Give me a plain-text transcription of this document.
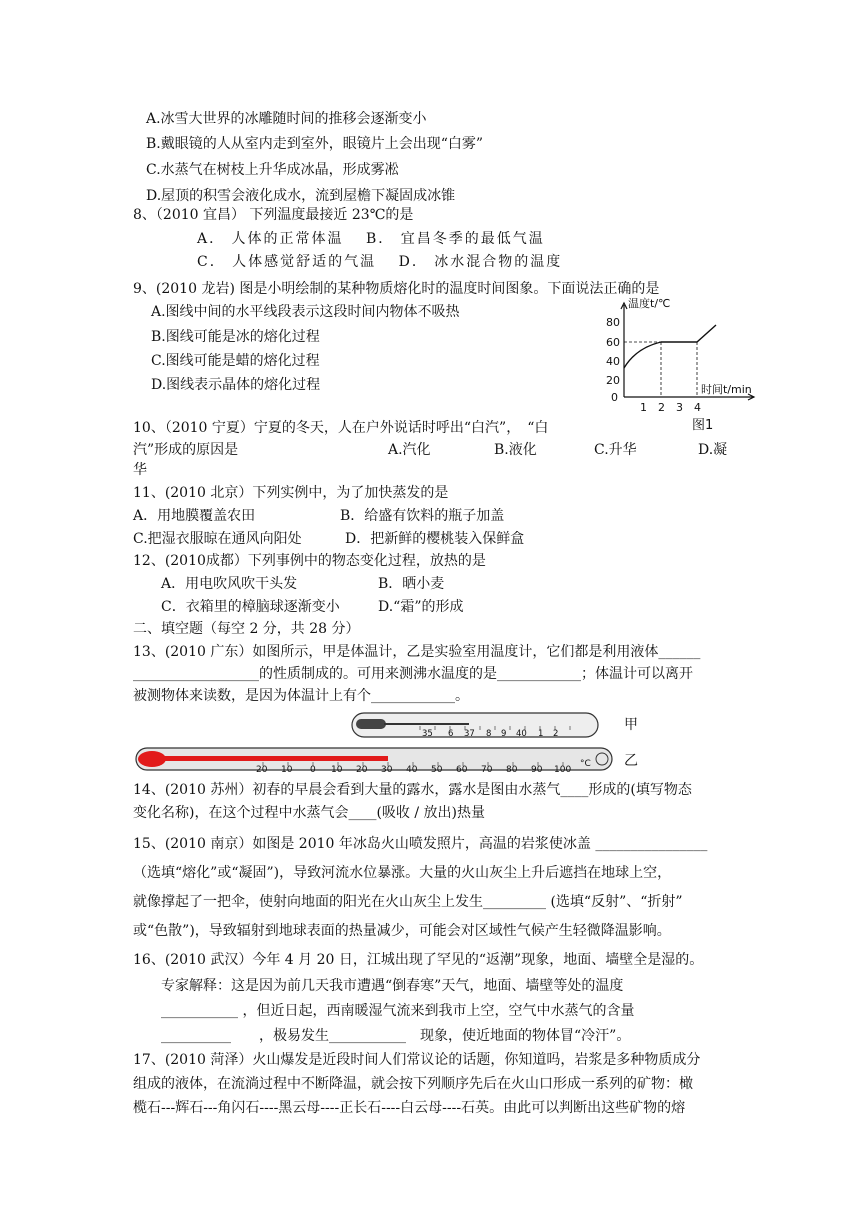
A.冰雪大世界的冰雕随时间的推移会逐渐变小
B.戴眼镜的人从室内走到室外，眼镜片上会出现“白雾”
C.水蒸气在树枝上升华成冰晶，形成雾凇
D.屋顶的积雪会液化成水，流到屋檐下凝固成冰锥
8、（2010 宜昌） 下列温度最接近 23℃的是
A． 人体的正常体温　 B． 宜昌冬季的最低气温
C． 人体感觉舒适的气温　 D． 冰水混合物的温度
9、(2010 龙岩) 图是小明绘制的某种物质熔化时的温度时间图象。下面说法正确的是
A.图线中间的水平线段表示这段时间内物体不吸热
B.图线可能是冰的熔化过程
C.图线可能是蜡的熔化过程
D.图线表示晶体的熔化过程
温度t/℃
80
60
40
20
0
时间t/min
1 2 3 4
图1
10、（2010 宁夏）宁夏的冬天，人在户外说话时呼出“白汽”，　“白
汽”形成的原因是	A.汽化	B.液化	C.升华	D.凝
华
11、(2010 北京）下列实例中，为了加快蒸发的是
A．用地膜覆盖农田	B．给盛有饮料的瓶子加盖
C.把湿衣服晾在通风向阳处	D．把新鲜的樱桃装入保鲜盒
12、(2010成都）下列事例中的物态变化过程，放热的是
A．用电吹风吹干头发	B．晒小麦
C．衣箱里的樟脑球逐渐变小	D.“霜”的形成
二、填空题（每空 2 分，共 28 分）
13、(2010 广东）如图所示，甲是体温计，乙是实验室用温度计，它们都是利用液体______
__________________的性质制成的。可用来测沸水温度的是____________；体温计可以离开
被测物体来读数，是因为体温计上有个____________。
35 6 37 8 9 40 1 2
甲
20 10 0 10 20 30 40 50 60 70 80 90 100
°C 乙
14、(2010 苏州）初春的早晨会看到大量的露水，露水是图由水蒸气____形成的(填写物态
变化名称)，在这个过程中水蒸气会____(吸收 / 放出)热量
15、(2010 南京）如图是 2010 年冰岛火山喷发照片，高温的岩浆使冰盖 ________________
（选填“熔化”或“凝固”)，导致河流水位暴涨。大量的火山灰尘上升后遮挡在地球上空，
就像撑起了一把伞，使射向地面的阳光在火山灰尘上发生_________ (选填“反射”、“折射”
或“色散”)，导致辐射到地球表面的热量减少，可能会对区域性气候产生轻微降温影响。
16、(2010 武汉）今年 4 月 20 日，江城出现了罕见的“返潮”现象，地面、墙壁全是湿的。
专家解释：这是因为前几天我市遭遇“倒春寒”天气，地面、墙壁等处的温度
___________ ，但近日起，西南暖湿气流来到我市上空，空气中水蒸气的含量
__________　　，极易发生___________　现象，使近地面的物体冒“冷汗”。
17、(2010 菏泽）火山爆发是近段时间人们常议论的话题，你知道吗，岩浆是多种物质成分
组成的液体，在流淌过程中不断降温，就会按下列顺序先后在火山口形成一系列的矿物：橄
榄石---辉石---角闪石----黑云母----正长石----白云母----石英。由此可以判断出这些矿物的熔
